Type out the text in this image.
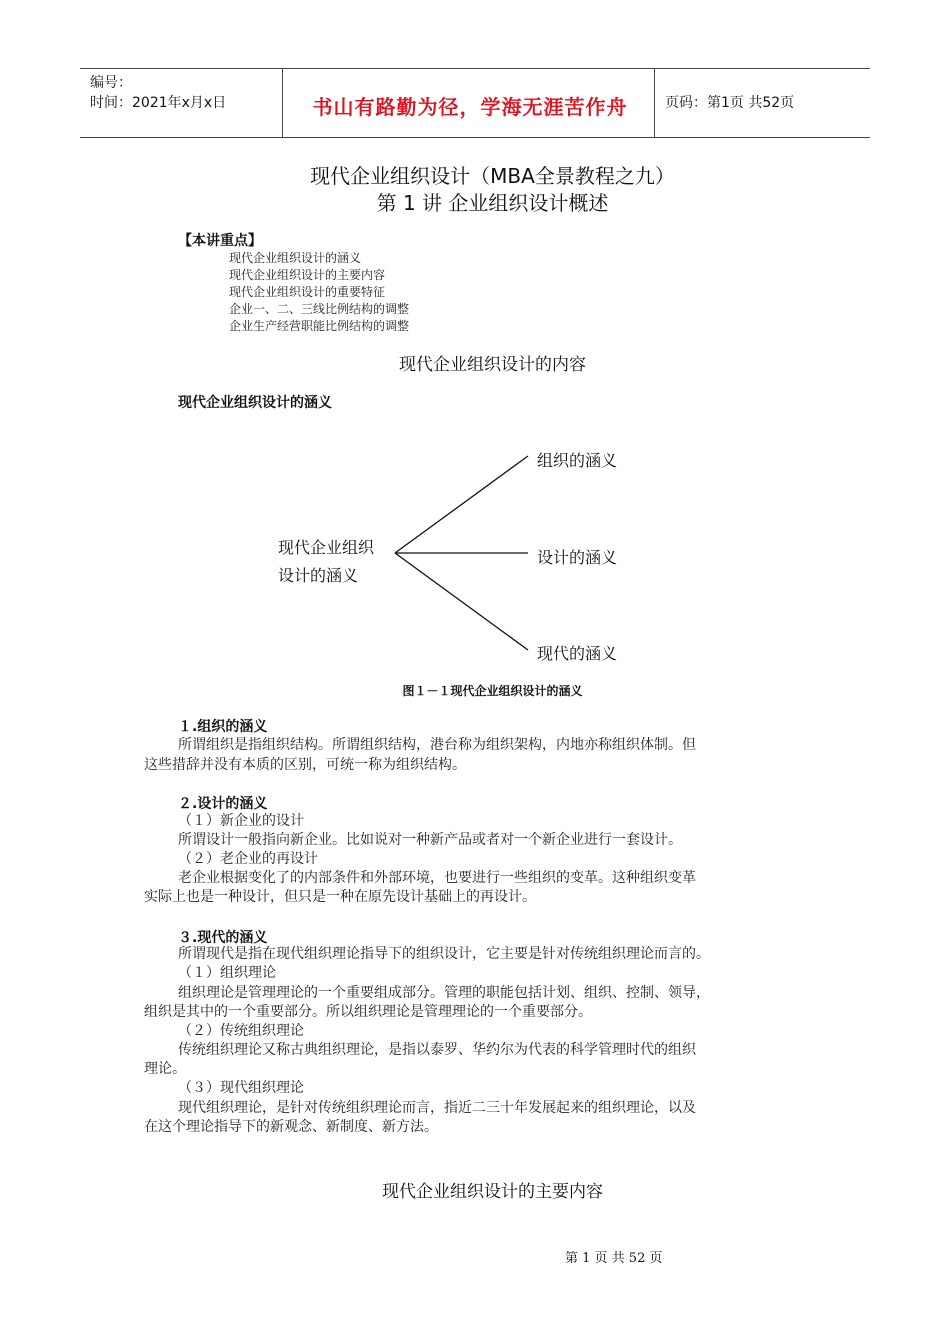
编号：
时间：2021年x月x日	书山有路勤为径，学海无涯苦作舟	页码：第1页 共52页
现代企业组织设计（MBA全景教程之九）
第 1 讲 企业组织设计概述
【本讲重点】
现代企业组织设计的涵义
现代企业组织设计的主要内容
现代企业组织设计的重要特征
企业一、二、三线比例结构的调整
企业生产经营职能比例结构的调整
现代企业组织设计的内容
现代企业组织设计的涵义
现代企业组织
设计的涵义
组织的涵义
设计的涵义
现代的涵义
图１－１现代企业组织设计的涵义
１.组织的涵义
所谓组织是指组织结构。所谓组织结构，港台称为组织架构，内地亦称组织体制。但
这些措辞并没有本质的区别，可统一称为组织结构。
２.设计的涵义
（１）新企业的设计
所谓设计一般指向新企业。比如说对一种新产品或者对一个新企业进行一套设计。
（２）老企业的再设计
老企业根据变化了的内部条件和外部环境，也要进行一些组织的变革。这种组织变革
实际上也是一种设计，但只是一种在原先设计基础上的再设计。
３.现代的涵义
所谓现代是指在现代组织理论指导下的组织设计，它主要是针对传统组织理论而言的。
（１）组织理论
组织理论是管理理论的一个重要组成部分。管理的职能包括计划、组织、控制、领导，
组织是其中的一个重要部分。所以组织理论是管理理论的一个重要部分。
（２）传统组织理论
传统组织理论又称古典组织理论，是指以泰罗、华约尔为代表的科学管理时代的组织
理论。
（３）现代组织理论
现代组织理论，是针对传统组织理论而言，指近二三十年发展起来的组织理论，以及
在这个理论指导下的新观念、新制度、新方法。
现代企业组织设计的主要内容
第 1 页 共 52 页
